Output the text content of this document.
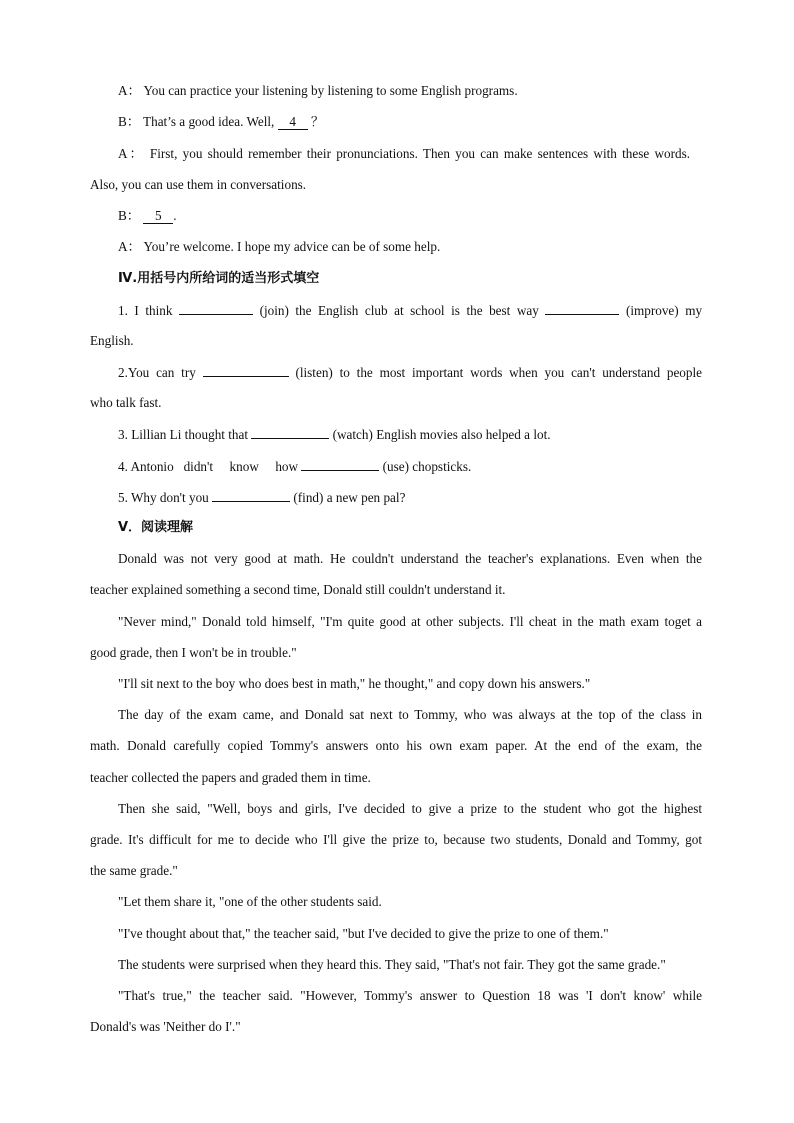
A： You can practice your listening by listening to some English programs.
B： That’s a good idea. Well, 4 ？
A： First, you should remember their pronunciations. Then you can make sentences with these words.
Also, you can use them in conversations.
B： 5 .
A： You’re welcome. I hope my advice can be of some help.
Ⅳ.用括号内所给词的适当形式填空
1. I think	(join) the English club at school is the best way	(improve) my
English.
2.You can try	(listen) to the most important words when you can't understand people
who talk fast.
3. Lillian Li thought that	(watch) English movies also helped a lot.
4. Antonio   didn't     know     how	(use) chopsticks.
5. Why don't you	(find) a new pen pal?
Ⅴ．阅读理解
Donald was not very good at math. He couldn't understand the teacher's explanations. Even when the
teacher explained something a second time, Donald still couldn't understand it.
"Never mind," Donald told himself, "I'm quite good at other subjects. I'll cheat in the math exam toget a
good grade, then I won't be in trouble."
"I'll sit next to the boy who does best in math," he thought," and copy down his answers."
The day of the exam came, and Donald sat next to Tommy, who was always at the top of the class in
math. Donald carefully copied Tommy's answers onto his own exam paper. At the end of the exam, the
teacher collected the papers and graded them in time.
Then she said, "Well, boys and girls, I've decided to give a prize to the student who got the highest
grade. It's difficult for me to decide who I'll give the prize to, because two students, Donald and Tommy, got
the same grade."
"Let them share it, "one of the other students said.
"I've thought about that," the teacher said, "but I've decided to give the prize to one of them."
The students were surprised when they heard this. They said, "That's not fair. They got the same grade."
"That's true," the teacher said. "However, Tommy's answer to Question 18 was 'I don't know' while
Donald's was 'Neither do I'."
